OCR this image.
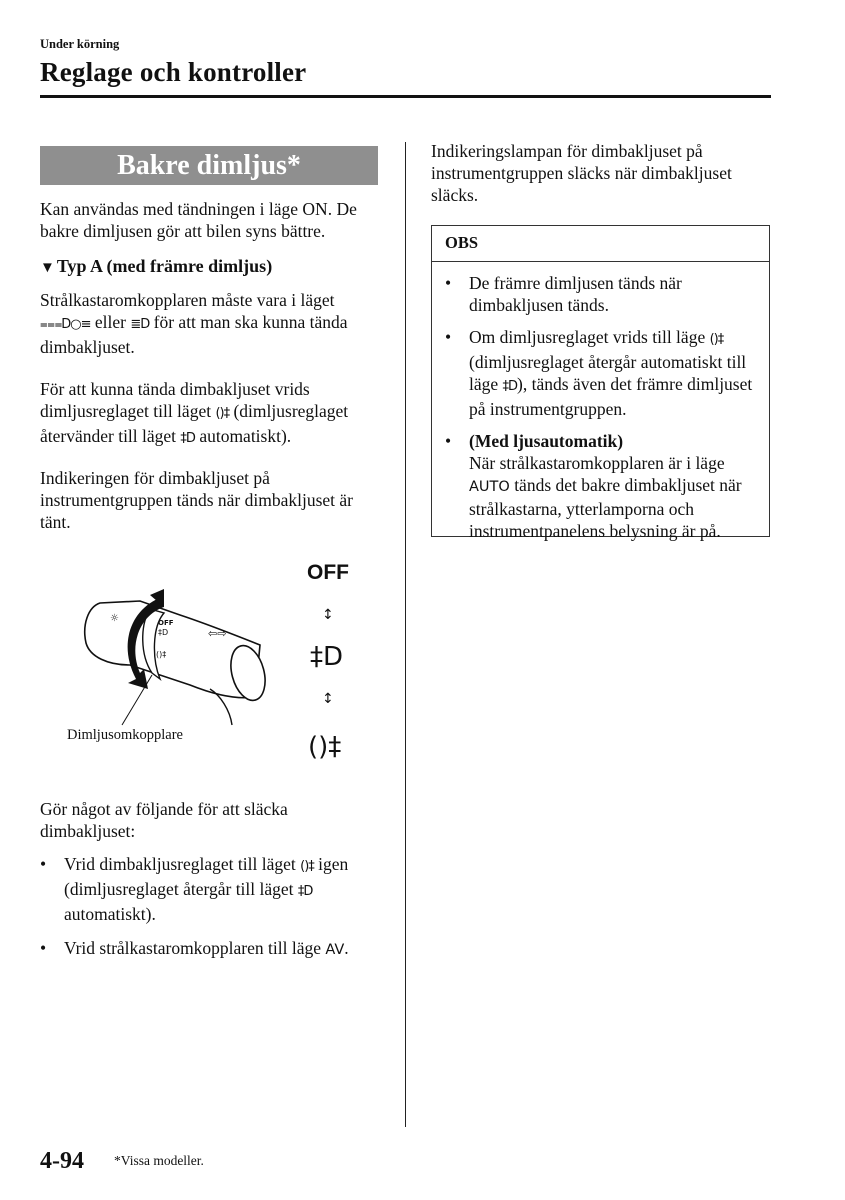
Under körning
Reglage och kontroller
Bakre dimljus*
Kan användas med tändningen i läge ON. De bakre dimljusen gör att bilen syns bättre.
▼ Typ A (med främre dimljus)
Strålkastaromkopplaren måste vara i läget ⩶D○≡ eller ≣D för att man ska kunna tända dimbakljuset.
För att kunna tända dimbakljuset vrids dimljusreglaget till läget ()‡ (dimljusreglaget återvänder till läget ‡D automatiskt).
Indikeringen för dimbakljuset på instrumentgruppen tänds när dimbakljuset är tänt.
OFF
‡D
()‡
OFF
☼
⇦⇨
↕
‡D
↕
()‡
Dimljusomkopplare
Gör något av följande för att släcka dimbakljuset:
• Vrid dimbakljusreglaget till läget ()‡ igen (dimljusreglaget återgår till läget ‡D automatiskt).
• Vrid strålkastaromkopplaren till läge AV.
Indikeringslampan för dimbakljuset på instrumentgruppen släcks när dimbakljuset släcks.
OBS
• De främre dimljusen tänds när dimbakljusen tänds.
• Om dimljusreglaget vrids till läge ()‡ (dimljusreglaget återgår automatiskt till läge ‡D), tänds även det främre dimljuset på instrumentgruppen.
• (Med ljusautomatik)
När strålkastaromkopplaren är i läge AUTO tänds det bakre dimbakljuset när strålkastarna, ytterlamporna och instrumentpanelens belysning är på.
4-94 *Vissa modeller.
